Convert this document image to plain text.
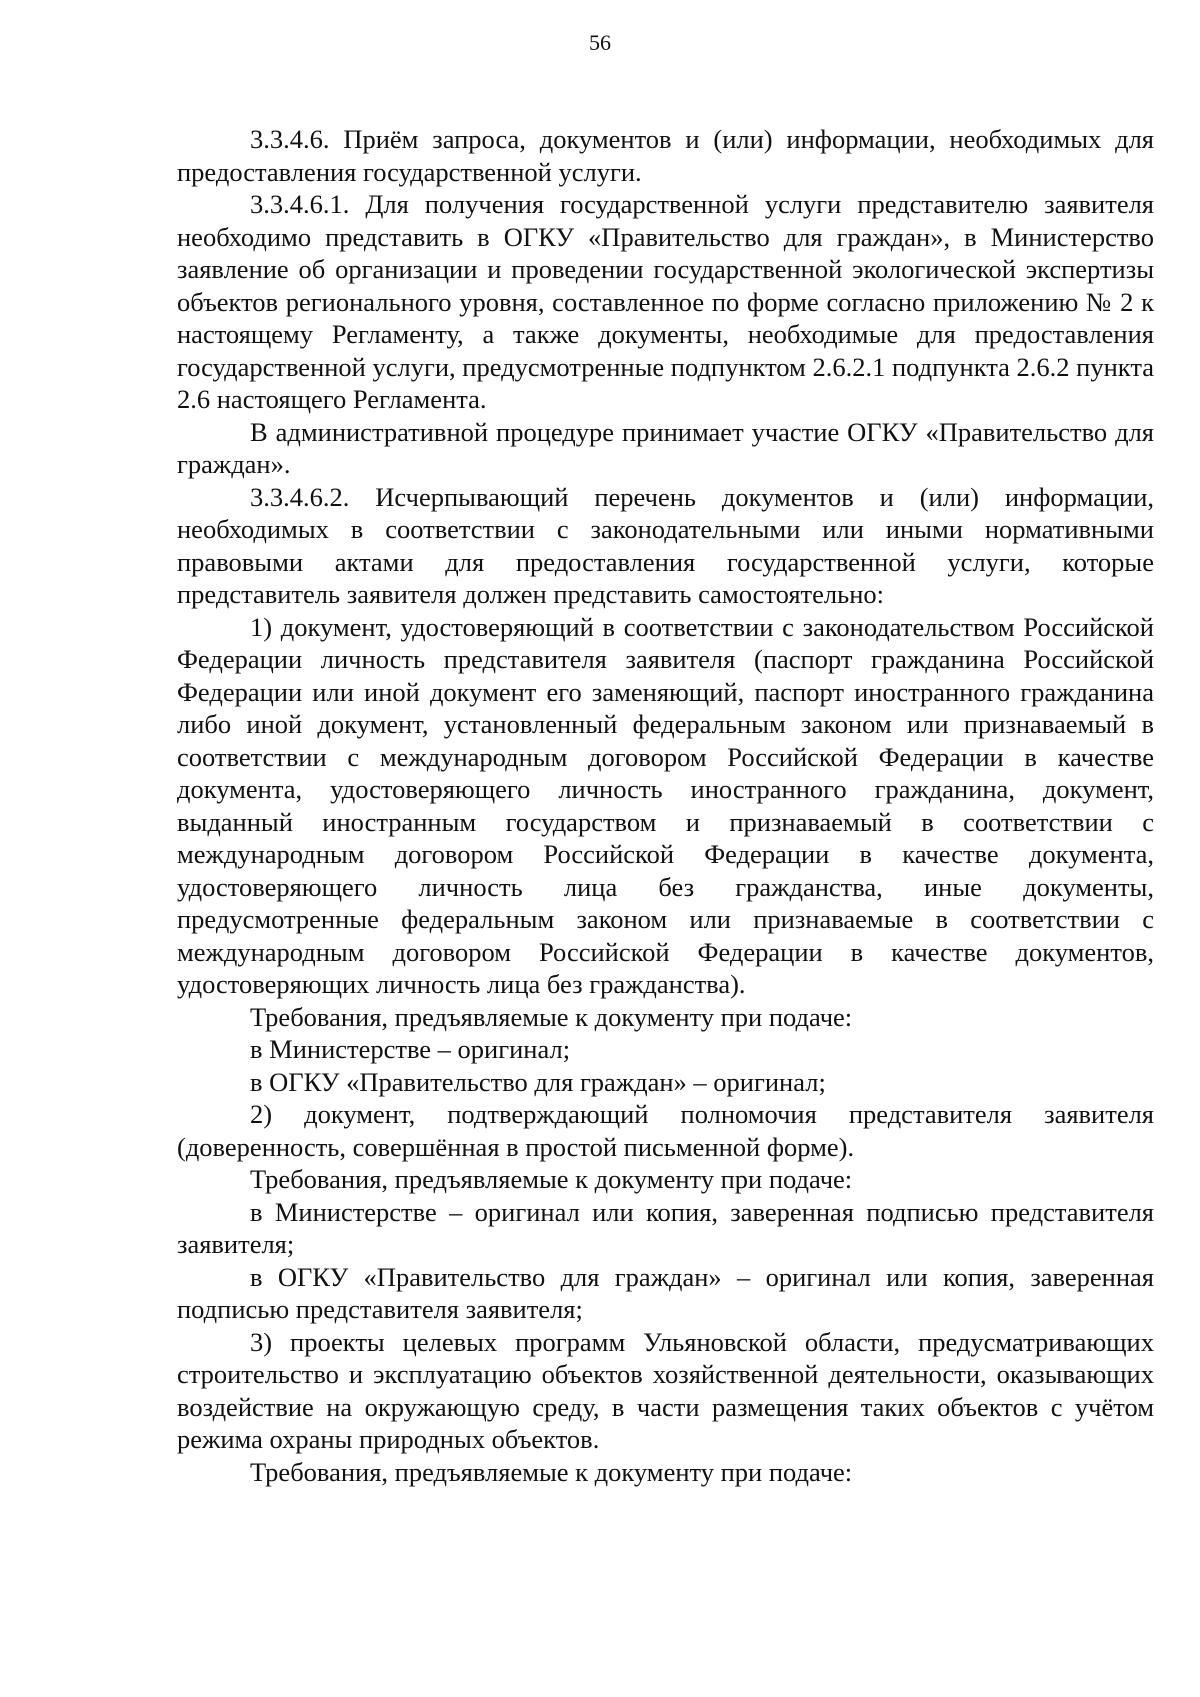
56

3.3.4.6. Приём запроса, документов и (или) информации, необходимых для предоставления государственной услуги.

3.3.4.6.1. Для получения государственной услуги представителю заявителя необходимо представить в ОГКУ «Правительство для граждан», в Министерство заявление об организации и проведении государственной экологической экспертизы объектов регионального уровня, составленное по форме согласно приложению № 2 к настоящему Регламенту, а также документы, необходимые для предоставления государственной услуги, предусмотренные подпунктом 2.6.2.1 подпункта 2.6.2 пункта 2.6 настоящего Регламента.

В административной процедуре принимает участие ОГКУ «Правительство для граждан».

3.3.4.6.2. Исчерпывающий перечень документов и (или) информации, необходимых в соответствии с законодательными или иными нормативными правовыми актами для предоставления государственной услуги, которые представитель заявителя должен представить самостоятельно:

1) документ, удостоверяющий в соответствии с законодательством Российской Федерации личность представителя заявителя (паспорт гражданина Российской Федерации или иной документ его заменяющий, паспорт иностранного гражданина либо иной документ, установленный федеральным законом или признаваемый в соответствии с международным договором Российской Федерации в качестве документа, удостоверяющего личность иностранного гражданина, документ, выданный иностранным государством и признаваемый в соответствии с международным договором Российской Федерации в качестве документа, удостоверяющего личность лица без гражданства, иные документы, предусмотренные федеральным законом или признаваемые в соответствии с международным договором Российской Федерации в качестве документов, удостоверяющих личность лица без гражданства).

Требования, предъявляемые к документу при подаче:

в Министерстве – оригинал;

в ОГКУ «Правительство для граждан» – оригинал;

2) документ, подтверждающий полномочия представителя заявителя (доверенность, совершённая в простой письменной форме).

Требования, предъявляемые к документу при подаче:

в Министерстве – оригинал или копия, заверенная подписью представителя заявителя;

в ОГКУ «Правительство для граждан» – оригинал или копия, заверенная подписью представителя заявителя;

3) проекты целевых программ Ульяновской области, предусматривающих строительство и эксплуатацию объектов хозяйственной деятельности, оказывающих воздействие на окружающую среду, в части размещения таких объектов с учётом режима охраны природных объектов.

Требования, предъявляемые к документу при подаче:
